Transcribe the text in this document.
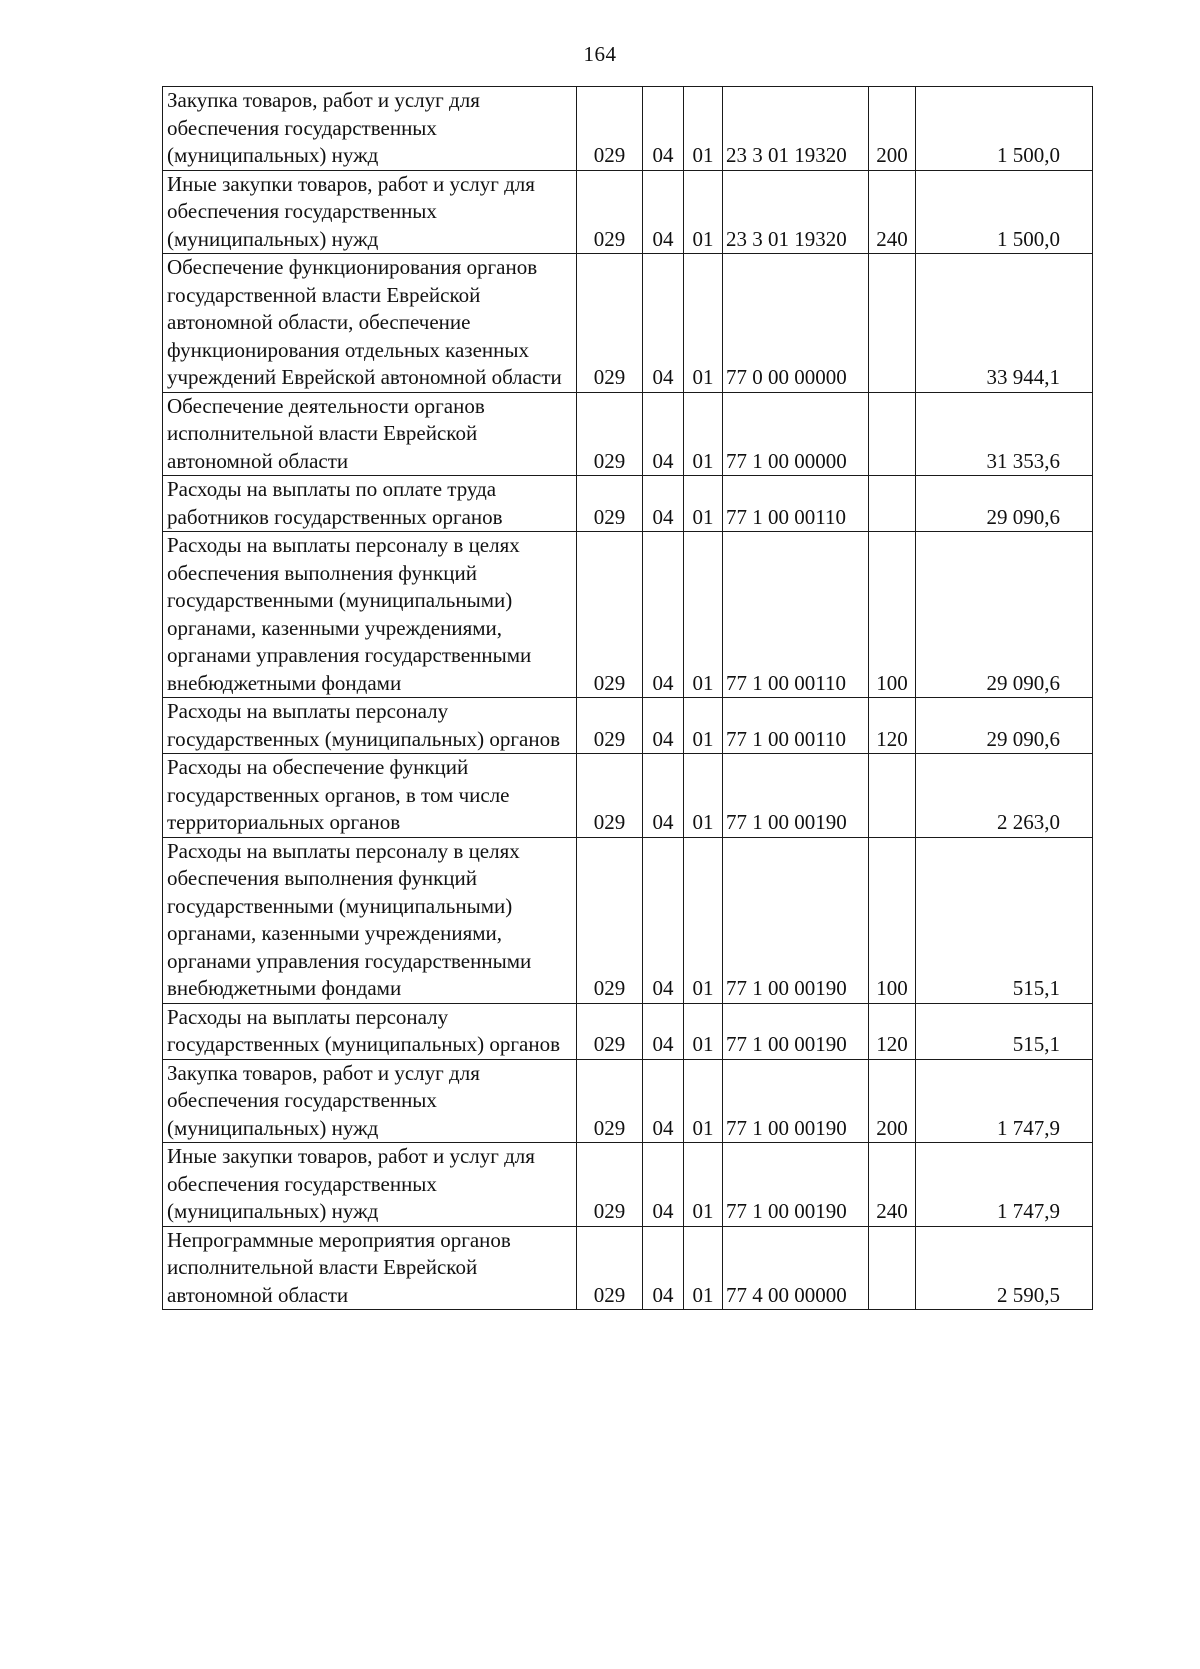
164
Закупка товаров, работ и услуг для обеспечения государственных (муниципальных) нужд	029	04	01	23 3 01 19320	200	1 500,0
Иные закупки товаров, работ и услуг для обеспечения государственных (муниципальных) нужд	029	04	01	23 3 01 19320	240	1 500,0
Обеспечение функционирования органов государственной власти Еврейской автономной области, обеспечение функционирования отдельных казенных учреждений Еврейской автономной области	029	04	01	77 0 00 00000		33 944,1
Обеспечение деятельности органов исполнительной власти Еврейской автономной области	029	04	01	77 1 00 00000		31 353,6
Расходы на выплаты по оплате труда работников государственных органов	029	04	01	77 1 00 00110		29 090,6
Расходы на выплаты персоналу в целях обеспечения выполнения функций государственными (муниципальными) органами, казенными учреждениями, органами управления государственными внебюджетными фондами	029	04	01	77 1 00 00110	100	29 090,6
Расходы на выплаты персоналу государственных (муниципальных) органов	029	04	01	77 1 00 00110	120	29 090,6
Расходы на обеспечение функций государственных органов, в том числе территориальных органов	029	04	01	77 1 00 00190		2 263,0
Расходы на выплаты персоналу в целях обеспечения выполнения функций государственными (муниципальными) органами, казенными учреждениями, органами управления государственными внебюджетными фондами	029	04	01	77 1 00 00190	100	515,1
Расходы на выплаты персоналу государственных (муниципальных) органов	029	04	01	77 1 00 00190	120	515,1
Закупка товаров, работ и услуг для обеспечения государственных (муниципальных) нужд	029	04	01	77 1 00 00190	200	1 747,9
Иные закупки товаров, работ и услуг для обеспечения государственных (муниципальных) нужд	029	04	01	77 1 00 00190	240	1 747,9
Непрограммные мероприятия органов исполнительной власти Еврейской автономной области	029	04	01	77 4 00 00000		2 590,5
